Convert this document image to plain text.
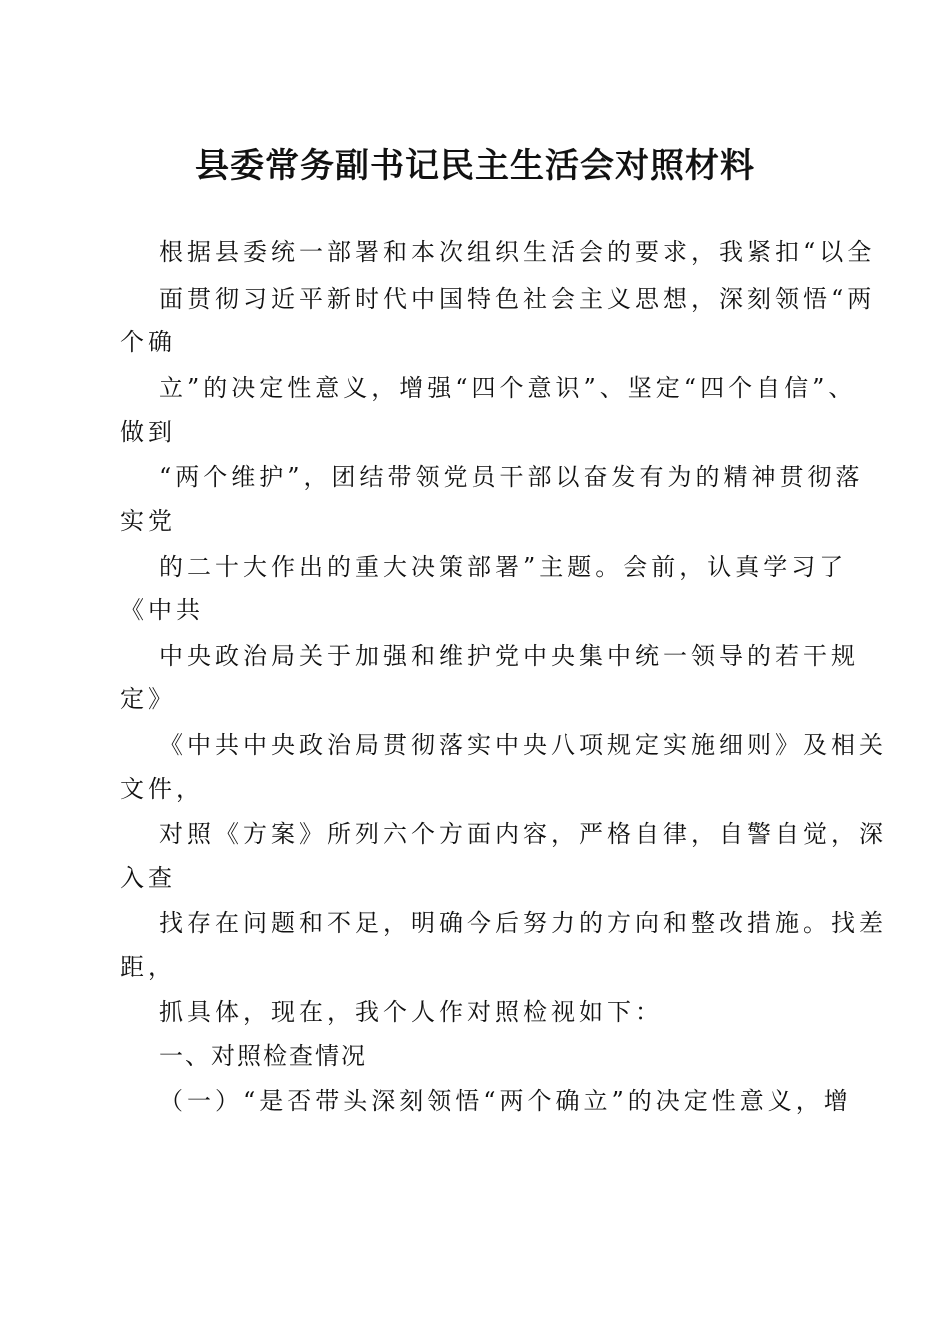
县委常务副书记民主生活会对照材料
根据县委统一部署和本次组织生活会的要求，我紧扣“以全
面贯彻习近平新时代中国特色社会主义思想，深刻领悟“两
个确
立”的决定性意义，增强“四个意识”、坚定“四个自信”、
做到
“两个维护”，团结带领党员干部以奋发有为的精神贯彻落
实党
的二十大作出的重大决策部署”主题。会前，认真学习了
《中共
中央政治局关于加强和维护党中央集中统一领导的若干规
定》
《中共中央政治局贯彻落实中央八项规定实施细则》及相关
文件，
对照《方案》所列六个方面内容，严格自律，自警自觉，深
入查
找存在问题和不足，明确今后努力的方向和整改措施。找差
距，
抓具体，现在，我个人作对照检视如下：
一、对照检查情况
（一）“是否带头深刻领悟“两个确立”的决定性意义，增
